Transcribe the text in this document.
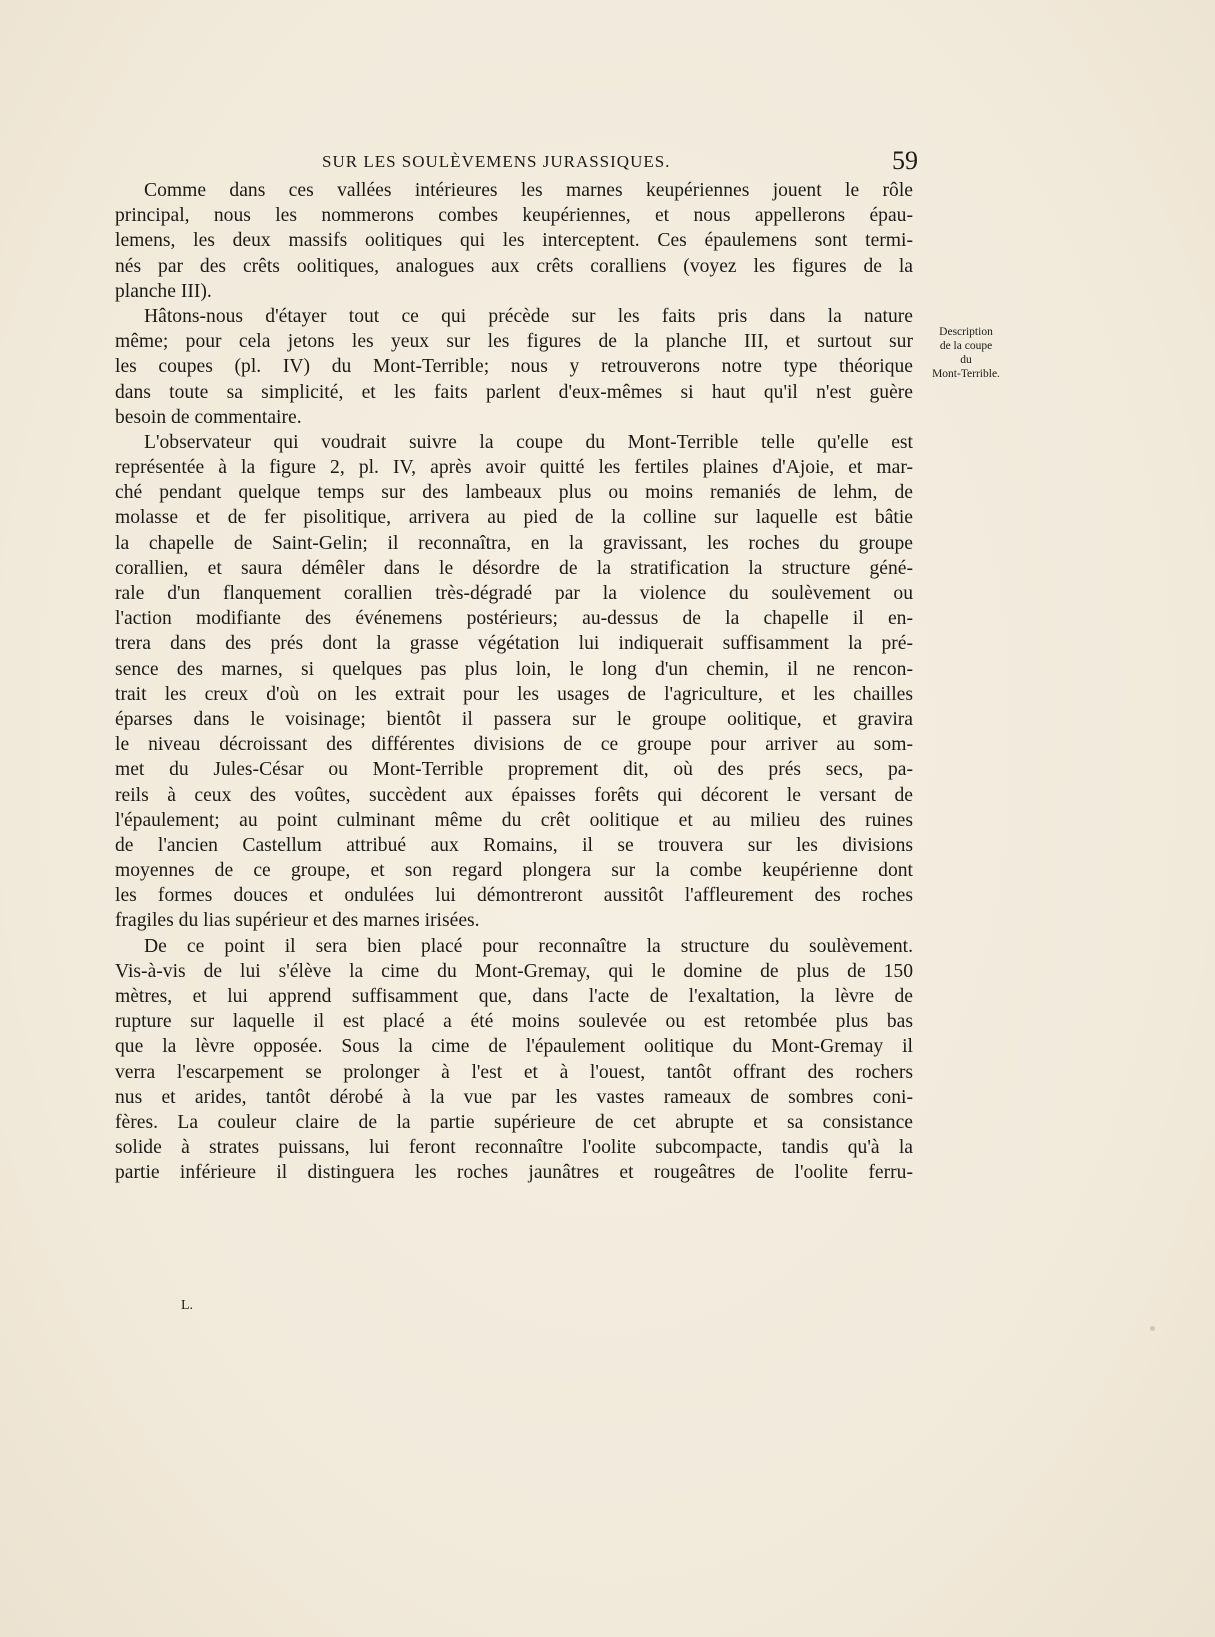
SUR LES SOULÈVEMENS JURASSIQUES.	59
Comme dans ces vallées intérieures les marnes keupériennes jouent le rôle
principal, nous les nommerons combes keupériennes, et nous appellerons épau-
lemens, les deux massifs oolitiques qui les interceptent. Ces épaulemens sont termi-
nés par des crêts oolitiques, analogues aux crêts coralliens (voyez les figures de la
planche III).
Hâtons-nous d'étayer tout ce qui précède sur les faits pris dans la nature
même; pour cela jetons les yeux sur les figures de la planche III, et surtout sur
les coupes (pl. IV) du Mont-Terrible; nous y retrouverons notre type théorique
dans toute sa simplicité, et les faits parlent d'eux-mêmes si haut qu'il n'est guère
besoin de commentaire.
L'observateur qui voudrait suivre la coupe du Mont-Terrible telle qu'elle est
représentée à la figure 2, pl. IV, après avoir quitté les fertiles plaines d'Ajoie, et mar-
ché pendant quelque temps sur des lambeaux plus ou moins remaniés de lehm, de
molasse et de fer pisolitique, arrivera au pied de la colline sur laquelle est bâtie
la chapelle de Saint-Gelin; il reconnaîtra, en la gravissant, les roches du groupe
corallien, et saura démêler dans le désordre de la stratification la structure géné-
rale d'un flanquement corallien très-dégradé par la violence du soulèvement ou
l'action modifiante des événemens postérieurs; au-dessus de la chapelle il en-
trera dans des prés dont la grasse végétation lui indiquerait suffisamment la pré-
sence des marnes, si quelques pas plus loin, le long d'un chemin, il ne rencon-
trait les creux d'où on les extrait pour les usages de l'agriculture, et les chailles
éparses dans le voisinage; bientôt il passera sur le groupe oolitique, et gravira
le niveau décroissant des différentes divisions de ce groupe pour arriver au som-
met du Jules-César ou Mont-Terrible proprement dit, où des prés secs, pa-
reils à ceux des voûtes, succèdent aux épaisses forêts qui décorent le versant de
l'épaulement; au point culminant même du crêt oolitique et au milieu des ruines
de l'ancien Castellum attribué aux Romains, il se trouvera sur les divisions
moyennes de ce groupe, et son regard plongera sur la combe keupérienne dont
les formes douces et ondulées lui démontreront aussitôt l'affleurement des roches
fragiles du lias supérieur et des marnes irisées.
De ce point il sera bien placé pour reconnaître la structure du soulèvement.
Vis-à-vis de lui s'élève la cime du Mont-Gremay, qui le domine de plus de 150
mètres, et lui apprend suffisamment que, dans l'acte de l'exaltation, la lèvre de
rupture sur laquelle il est placé a été moins soulevée ou est retombée plus bas
que la lèvre opposée. Sous la cime de l'épaulement oolitique du Mont-Gremay il
verra l'escarpement se prolonger à l'est et à l'ouest, tantôt offrant des rochers
nus et arides, tantôt dérobé à la vue par les vastes rameaux de sombres coni-
fères. La couleur claire de la partie supérieure de cet abrupte et sa consistance
solide à strates puissans, lui feront reconnaître l'oolite subcompacte, tandis qu'à la
partie inférieure il distinguera les roches jaunâtres et rougeâtres de l'oolite ferru-
Description
de la coupe
du
Mont-Terrible.
L.
